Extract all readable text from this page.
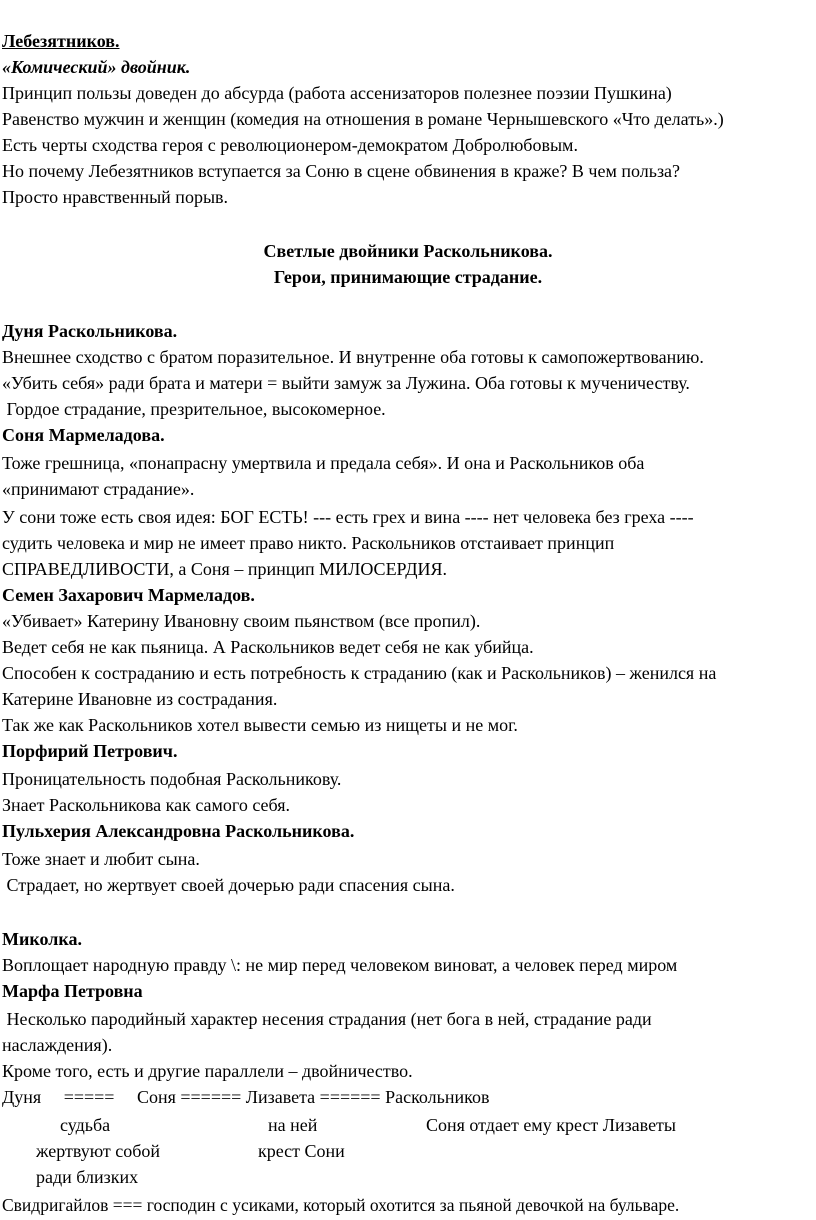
Лебезятников.
«Комический» двойник.
Принцип пользы доведен до абсурда (работа ассенизаторов полезнее поэзии Пушкина)
Равенство мужчин и женщин (комедия на отношения в романе Чернышевского «Что делать».)
Есть черты сходства героя с революционером-демократом Добролюбовым.
Но почему Лебезятников вступается за Соню в сцене обвинения в краже? В чем польза?
Просто нравственный порыв.
Светлые двойники Раскольникова.
Герои, принимающие страдание.
Дуня Раскольникова.
Внешнее сходство с братом поразительное. И внутренне оба готовы к самопожертвованию.
«Убить себя» ради брата и матери = выйти замуж за Лужина. Оба готовы к мученичеству.
Гордое страдание, презрительное, высокомерное.
Соня Мармеладова.
Тоже грешница, «понапрасну умертвила и предала себя». И она и Раскольников оба
«принимают страдание».
У сони тоже есть своя идея: БОГ ЕСТЬ! --- есть грех и вина ---- нет человека без греха ----
судить человека и мир не имеет право никто. Раскольников отстаивает принцип
СПРАВЕДЛИВОСТИ, а Соня – принцип МИЛОСЕРДИЯ.
Семен Захарович Мармеладов.
«Убивает» Катерину Ивановну своим пьянством (все пропил).
Ведет себя не как пьяница. А Раскольников ведет себя не как убийца.
Способен к состраданию и есть потребность к страданию (как и Раскольников) – женился на
Катерине Ивановне из сострадания.
Так же как Раскольников хотел вывести семью из нищеты и не мог.
Порфирий Петрович.
Проницательность подобная Раскольникову.
Знает Раскольникова как самого себя.
Пульхерия Александровна Раскольникова.
Тоже знает и любит сына.
Страдает, но жертвует своей дочерью ради спасения сына.
Миколка.
Воплощает народную правду \: не мир перед человеком виноват, а человек перед миром
Марфа Петровна
Несколько пародийный характер несения страдания (нет бога в ней, страдание ради
наслаждения).
Кроме того, есть и другие параллели – двойничество.
Дуня     =====     Соня ====== Лизавета ====== Раскольников
судьба	на ней	Соня отдает ему крест Лизаветы
жертвуют собой	крест Сони
ради близких
Свидригайлов === господин с усиками, который охотится за пьяной девочкой на бульваре.
